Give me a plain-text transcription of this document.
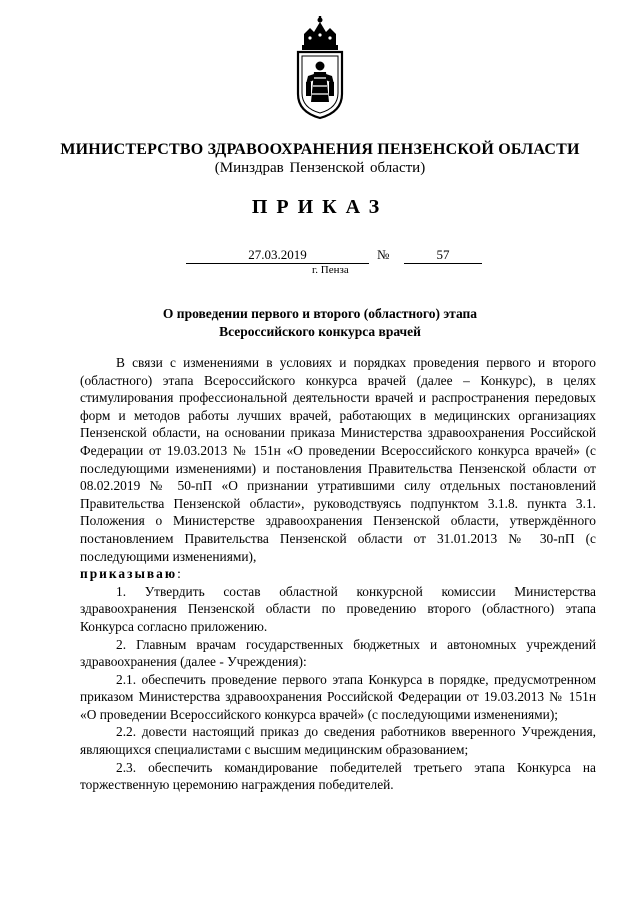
МИНИСТЕРСТВО ЗДРАВООХРАНЕНИЯ ПЕНЗЕНСКОЙ ОБЛАСТИ
(Минздрав Пензенской области)
ПРИКАЗ
27.03.2019	№	57
г. Пенза
О проведении первого и второго (областного) этапа
Всероссийского конкурса врачей

В связи с изменениями в условиях и порядках проведения первого и второго (областного) этапа Всероссийского конкурса врачей (далее – Конкурс), в целях стимулирования профессиональной деятельности врачей и распространения передовых форм и методов работы лучших врачей, работающих в медицинских организациях Пензенской области, на основании приказа Министерства здравоохранения Российской Федерации от 19.03.2013 № 151н «О проведении Всероссийского конкурса врачей» (с последующими изменениями) и постановления Правительства Пензенской области от 08.02.2019 № 50-пП «О признании утратившими силу отдельных постановлений Правительства Пензенской области», руководствуясь подпунктом 3.1.8. пункта 3.1. Положения о Министерстве здравоохранения Пензенской области, утверждённого постановлением Правительства Пензенской области от 31.01.2013 № 30-пП (с последующими изменениями),
приказываю:

1. Утвердить состав областной конкурсной комиссии Министерства здравоохранения Пензенской области по проведению второго (областного) этапа Конкурса согласно приложению.

2. Главным врачам государственных бюджетных и автономных учреждений здравоохранения (далее - Учреждения):

2.1. обеспечить проведение первого этапа Конкурса в порядке, предусмотренном приказом Министерства здравоохранения Российской Федерации от 19.03.2013 № 151н «О проведении Всероссийского конкурса врачей» (с последующими изменениями);

2.2. довести настоящий приказ до сведения работников вверенного Учреждения, являющихся специалистами с высшим медицинским образованием;

2.3. обеспечить командирование победителей третьего этапа Конкурса на торжественную церемонию награждения победителей.
